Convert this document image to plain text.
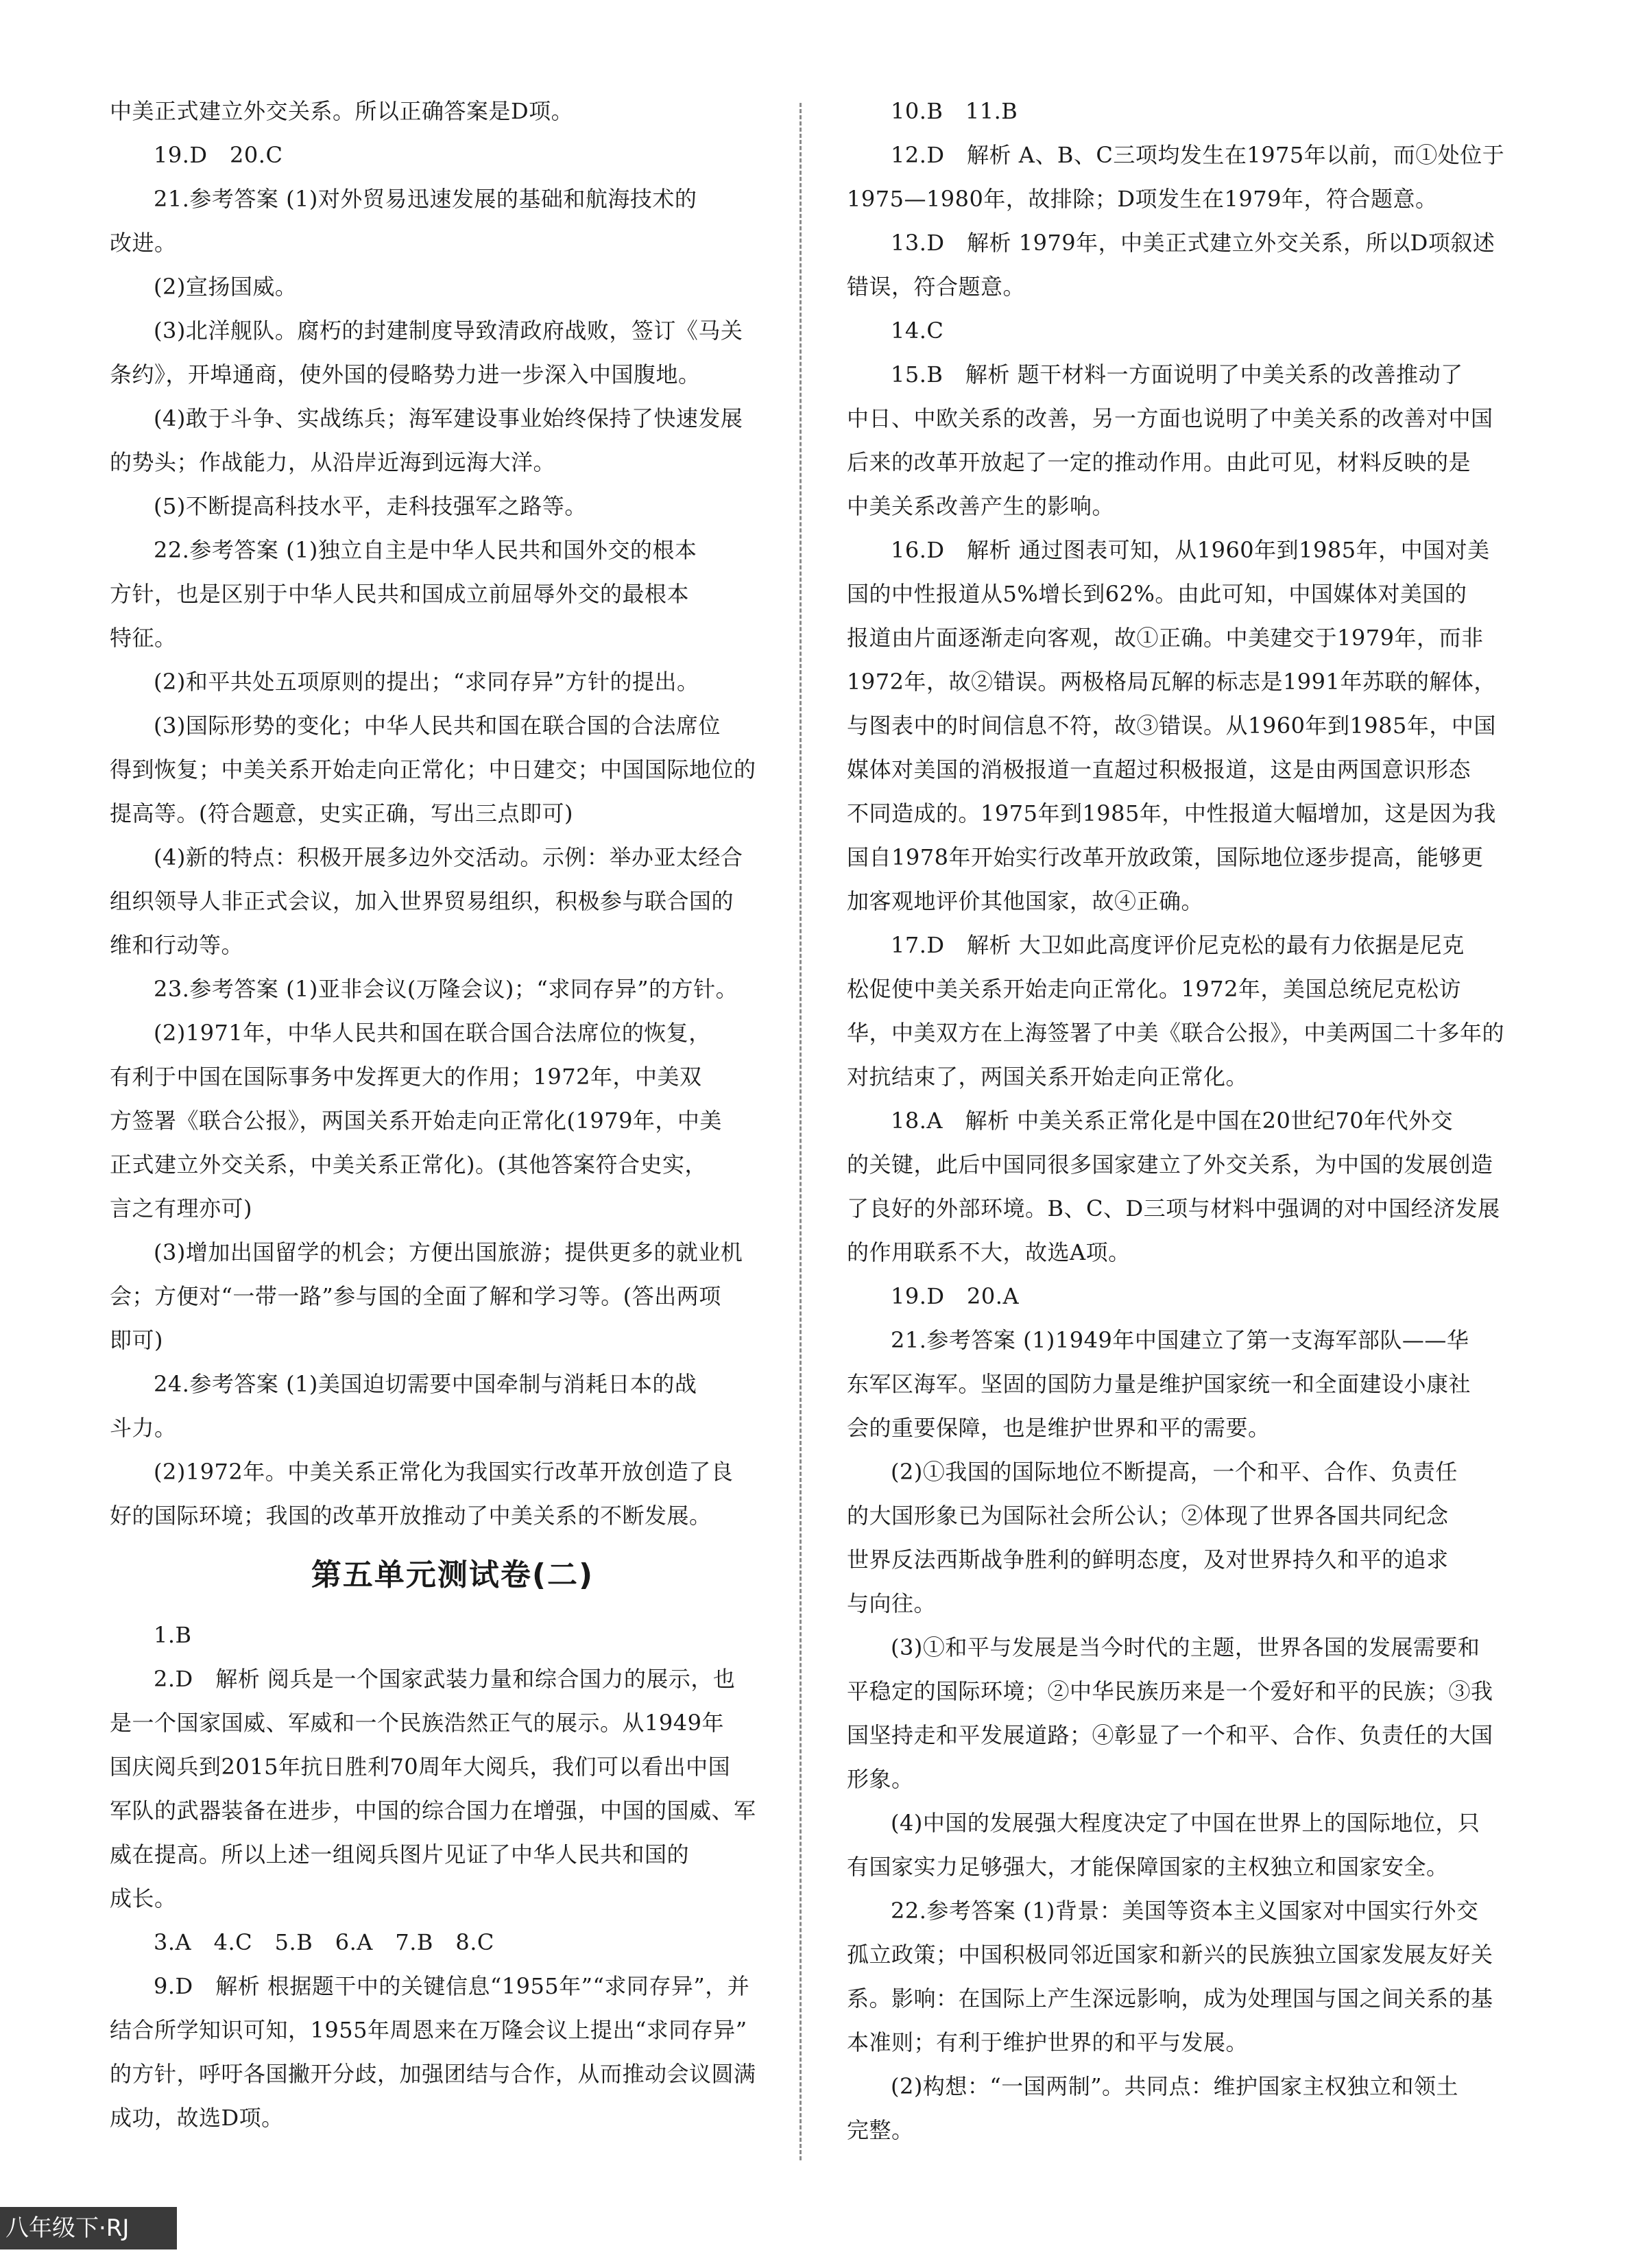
中美正式建立外交关系。所以正确答案是D项。
19.D　20.C
21.参考答案 (1)对外贸易迅速发展的基础和航海技术的
改进。
(2)宣扬国威。
(3)北洋舰队。腐朽的封建制度导致清政府战败，签订《马关
条约》，开埠通商，使外国的侵略势力进一步深入中国腹地。
(4)敢于斗争、实战练兵；海军建设事业始终保持了快速发展
的势头；作战能力，从沿岸近海到远海大洋。
(5)不断提高科技水平，走科技强军之路等。
22.参考答案 (1)独立自主是中华人民共和国外交的根本
方针，也是区别于中华人民共和国成立前屈辱外交的最根本
特征。
(2)和平共处五项原则的提出；“求同存异”方针的提出。
(3)国际形势的变化；中华人民共和国在联合国的合法席位
得到恢复；中美关系开始走向正常化；中日建交；中国国际地位的
提高等。(符合题意，史实正确，写出三点即可)
(4)新的特点：积极开展多边外交活动。示例：举办亚太经合
组织领导人非正式会议，加入世界贸易组织，积极参与联合国的
维和行动等。
23.参考答案 (1)亚非会议(万隆会议)；“求同存异”的方针。
(2)1971年，中华人民共和国在联合国合法席位的恢复，
有利于中国在国际事务中发挥更大的作用；1972年，中美双
方签署《联合公报》，两国关系开始走向正常化(1979年，中美
正式建立外交关系，中美关系正常化)。(其他答案符合史实，
言之有理亦可)
(3)增加出国留学的机会；方便出国旅游；提供更多的就业机
会；方便对“一带一路”参与国的全面了解和学习等。(答出两项
即可)
24.参考答案 (1)美国迫切需要中国牵制与消耗日本的战
斗力。
(2)1972年。中美关系正常化为我国实行改革开放创造了良
好的国际环境；我国的改革开放推动了中美关系的不断发展。
第五单元测试卷(二)
1.B
2.D　解析 阅兵是一个国家武装力量和综合国力的展示，也
是一个国家国威、军威和一个民族浩然正气的展示。从1949年
国庆阅兵到2015年抗日胜利70周年大阅兵，我们可以看出中国
军队的武器装备在进步，中国的综合国力在增强，中国的国威、军
威在提高。所以上述一组阅兵图片见证了中华人民共和国的
成长。
3.A　4.C　5.B　6.A　7.B　8.C
9.D　解析 根据题干中的关键信息“1955年”“求同存异”，并
结合所学知识可知，1955年周恩来在万隆会议上提出“求同存异”
的方针，呼吁各国撇开分歧，加强团结与合作，从而推动会议圆满
成功，故选D项。
10.B　11.B
12.D　解析 A、B、C三项均发生在1975年以前，而①处位于
1975—1980年，故排除；D项发生在1979年，符合题意。
13.D　解析 1979年，中美正式建立外交关系，所以D项叙述
错误，符合题意。
14.C
15.B　解析 题干材料一方面说明了中美关系的改善推动了
中日、中欧关系的改善，另一方面也说明了中美关系的改善对中国
后来的改革开放起了一定的推动作用。由此可见，材料反映的是
中美关系改善产生的影响。
16.D　解析 通过图表可知，从1960年到1985年，中国对美
国的中性报道从5%增长到62%。由此可知，中国媒体对美国的
报道由片面逐渐走向客观，故①正确。中美建交于1979年，而非
1972年，故②错误。两极格局瓦解的标志是1991年苏联的解体，
与图表中的时间信息不符，故③错误。从1960年到1985年，中国
媒体对美国的消极报道一直超过积极报道，这是由两国意识形态
不同造成的。1975年到1985年，中性报道大幅增加，这是因为我
国自1978年开始实行改革开放政策，国际地位逐步提高，能够更
加客观地评价其他国家，故④正确。
17.D　解析 大卫如此高度评价尼克松的最有力依据是尼克
松促使中美关系开始走向正常化。1972年，美国总统尼克松访
华，中美双方在上海签署了中美《联合公报》，中美两国二十多年的
对抗结束了，两国关系开始走向正常化。
18.A　解析 中美关系正常化是中国在20世纪70年代外交
的关键，此后中国同很多国家建立了外交关系，为中国的发展创造
了良好的外部环境。B、C、D三项与材料中强调的对中国经济发展
的作用联系不大，故选A项。
19.D　20.A
21.参考答案 (1)1949年中国建立了第一支海军部队——华
东军区海军。坚固的国防力量是维护国家统一和全面建设小康社
会的重要保障，也是维护世界和平的需要。
(2)①我国的国际地位不断提高，一个和平、合作、负责任
的大国形象已为国际社会所公认；②体现了世界各国共同纪念
世界反法西斯战争胜利的鲜明态度，及对世界持久和平的追求
与向往。
(3)①和平与发展是当今时代的主题，世界各国的发展需要和
平稳定的国际环境；②中华民族历来是一个爱好和平的民族；③我
国坚持走和平发展道路；④彰显了一个和平、合作、负责任的大国
形象。
(4)中国的发展强大程度决定了中国在世界上的国际地位，只
有国家实力足够强大，才能保障国家的主权独立和国家安全。
22.参考答案 (1)背景：美国等资本主义国家对中国实行外交
孤立政策；中国积极同邻近国家和新兴的民族独立国家发展友好关
系。影响：在国际上产生深远影响，成为处理国与国之间关系的基
本准则；有利于维护世界的和平与发展。
(2)构想：“一国两制”。共同点：维护国家主权独立和领土
完整。
八年级下·RJ
